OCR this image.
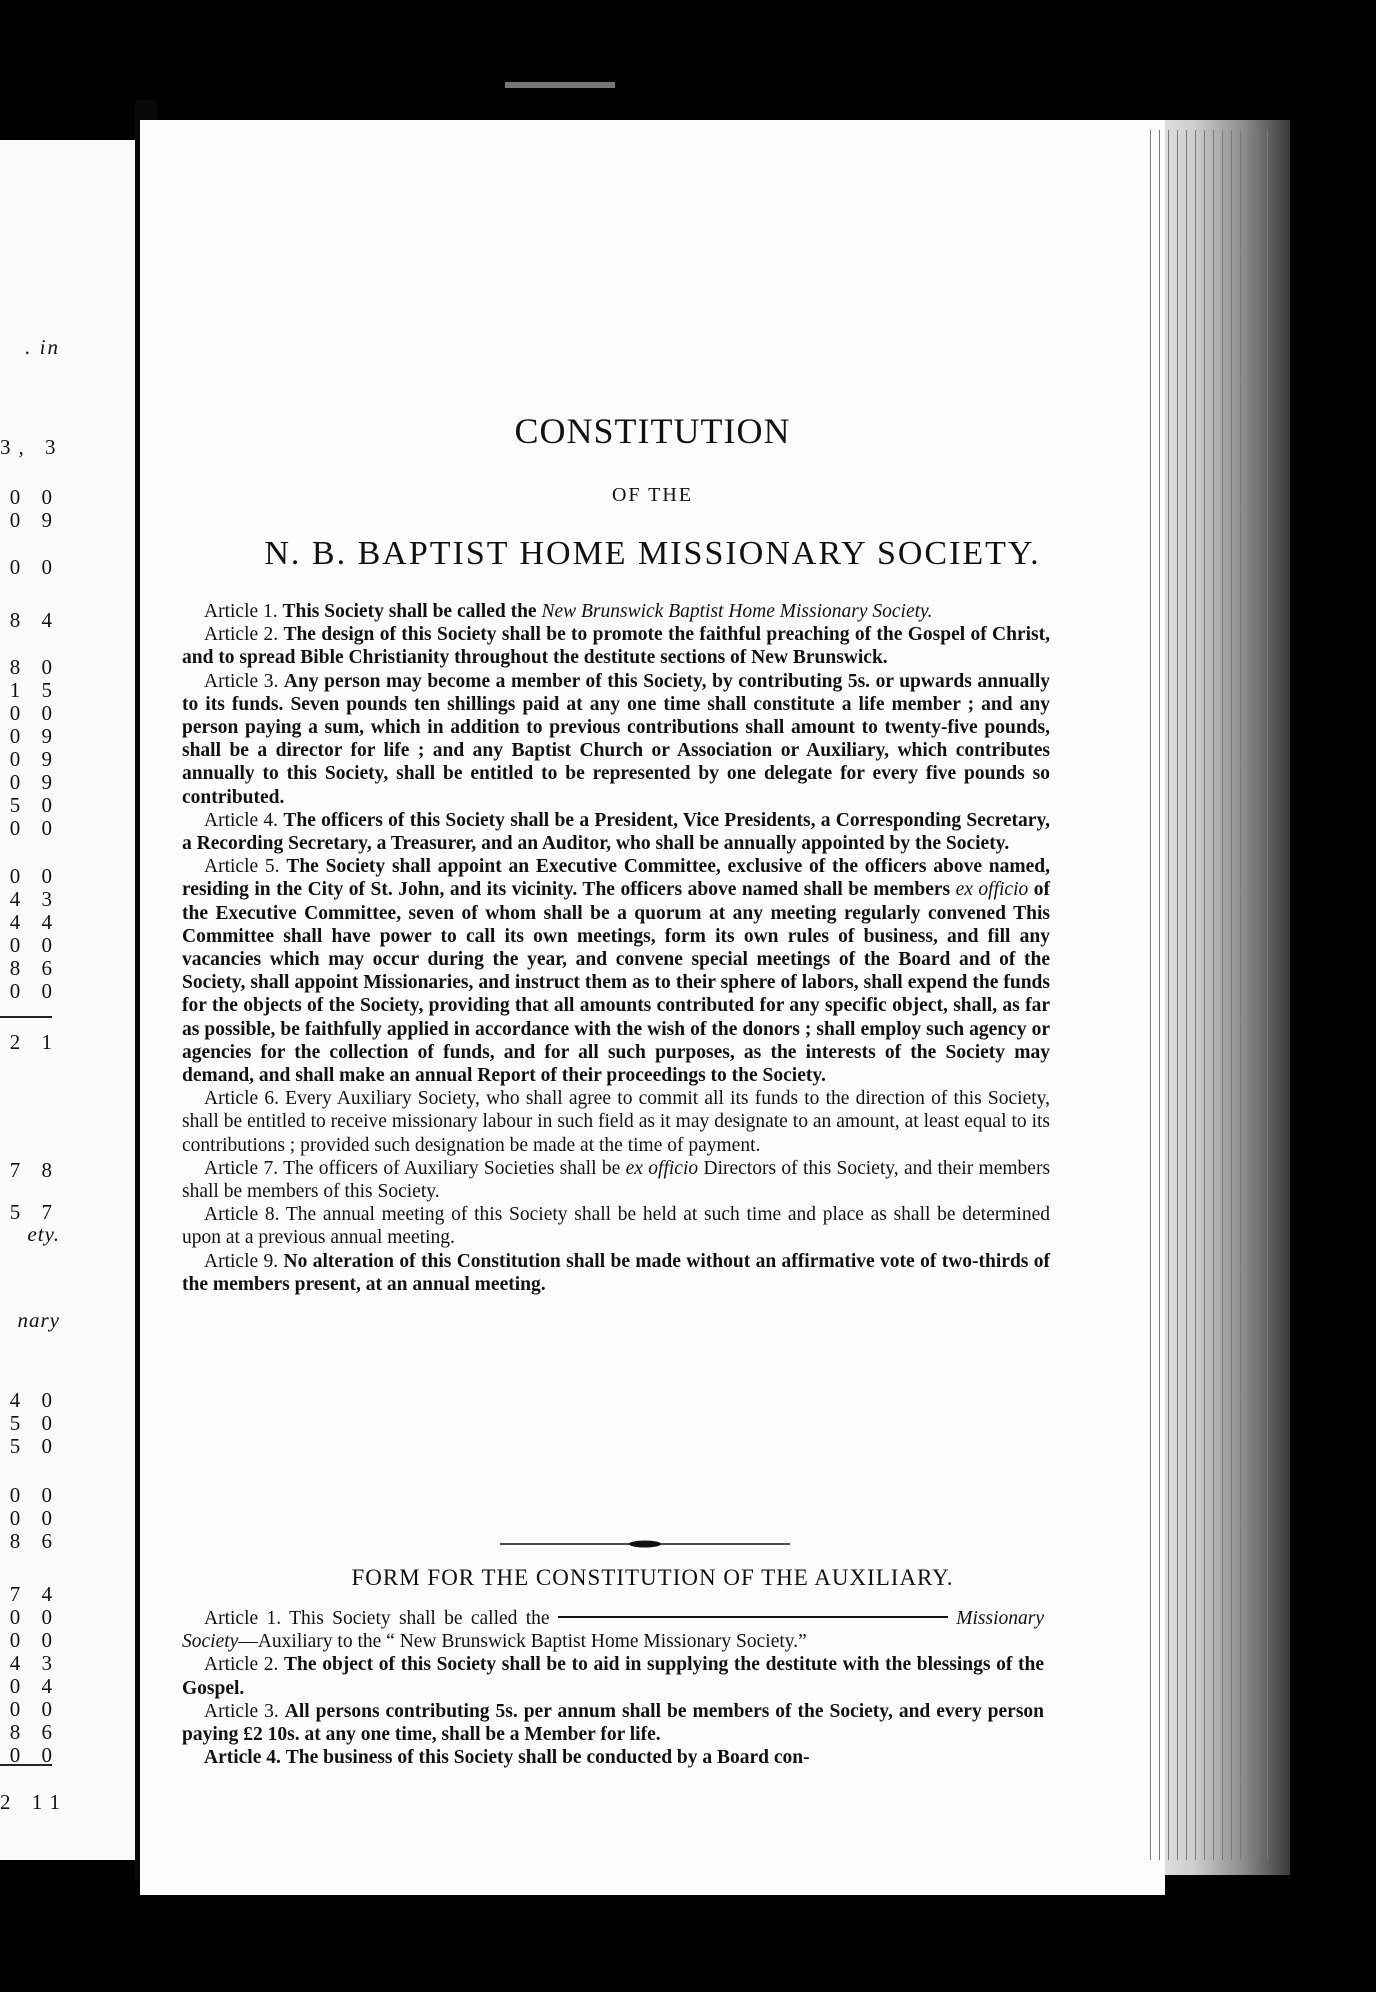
. in
3, 3
0 0
0 9
0 0
8 4
8 0
1 5
0 0
0 9
0 9
0 9
5 0
0 0
0 0
4 3
4 4
0 0
8 6
0 0
2 1
7 8
5 7
ety.
nary
4 0
5 0
5 0
0 0
0 0
8 6
7 4
0 0
0 0
4 3
0 4
0 0
8 6
0 0
2 11
CONSTITUTION
OF THE
N. B. BAPTIST HOME MISSIONARY SOCIETY.

Article 1. This Society shall be called the New Brunswick Baptist Home Missionary Society.

Article 2. The design of this Society shall be to promote the faithful preaching of the Gospel of Christ, and to spread Bible Christianity throughout the destitute sections of New Brunswick.

Article 3. Any person may become a member of this Society, by contributing 5s. or upwards annually to its funds. Seven pounds ten shillings paid at any one time shall constitute a life member ; and any person paying a sum, which in addition to previous contributions shall amount to twenty-five pounds, shall be a director for life ; and any Baptist Church or Association or Auxiliary, which contributes annually to this Society, shall be entitled to be represented by one delegate for every five pounds so contributed.

Article 4. The officers of this Society shall be a President, Vice Presidents, a Corresponding Secretary, a Recording Secretary, a Treasurer, and an Auditor, who shall be annually appointed by the Society.

Article 5. The Society shall appoint an Executive Committee, exclusive of the officers above named, residing in the City of St. John, and its vicinity. The officers above named shall be members ex officio of the Executive Committee, seven of whom shall be a quorum at any meeting regularly convened This Committee shall have power to call its own meetings, form its own rules of business, and fill any vacancies which may occur during the year, and convene special meetings of the Board and of the Society, shall appoint Missionaries, and instruct them as to their sphere of labors, shall expend the funds for the objects of the Society, providing that all amounts contributed for any specific object, shall, as far as possible, be faithfully applied in accordance with the wish of the donors ; shall employ such agency or agencies for the collection of funds, and for all such purposes, as the interests of the Society may demand, and shall make an annual Report of their proceedings to the Society.

Article 6. Every Auxiliary Society, who shall agree to commit all its funds to the direction of this Society, shall be entitled to receive missionary labour in such field as it may designate to an amount, at least equal to its contributions ; provided such designation be made at the time of payment.

Article 7. The officers of Auxiliary Societies shall be ex officio Directors of this Society, and their members shall be members of this Society.

Article 8. The annual meeting of this Society shall be held at such time and place as shall be determined upon at a previous annual meeting.

Article 9. No alteration of this Constitution shall be made without an affirmative vote of two-thirds of the members present, at an annual meeting.

FORM FOR THE CONSTITUTION OF THE AUXILIARY.

Article 1. This Society shall be called the	Missionary Society—Auxiliary to the “ New Brunswick Baptist Home Missionary Society.”

Article 2. The object of this Society shall be to aid in supplying the destitute with the blessings of the Gospel.

Article 3. All persons contributing 5s. per annum shall be members of the Society, and every person paying £2 10s. at any one time, shall be a Member for life.

Article 4. The business of this Society shall be conducted by a Board con-
